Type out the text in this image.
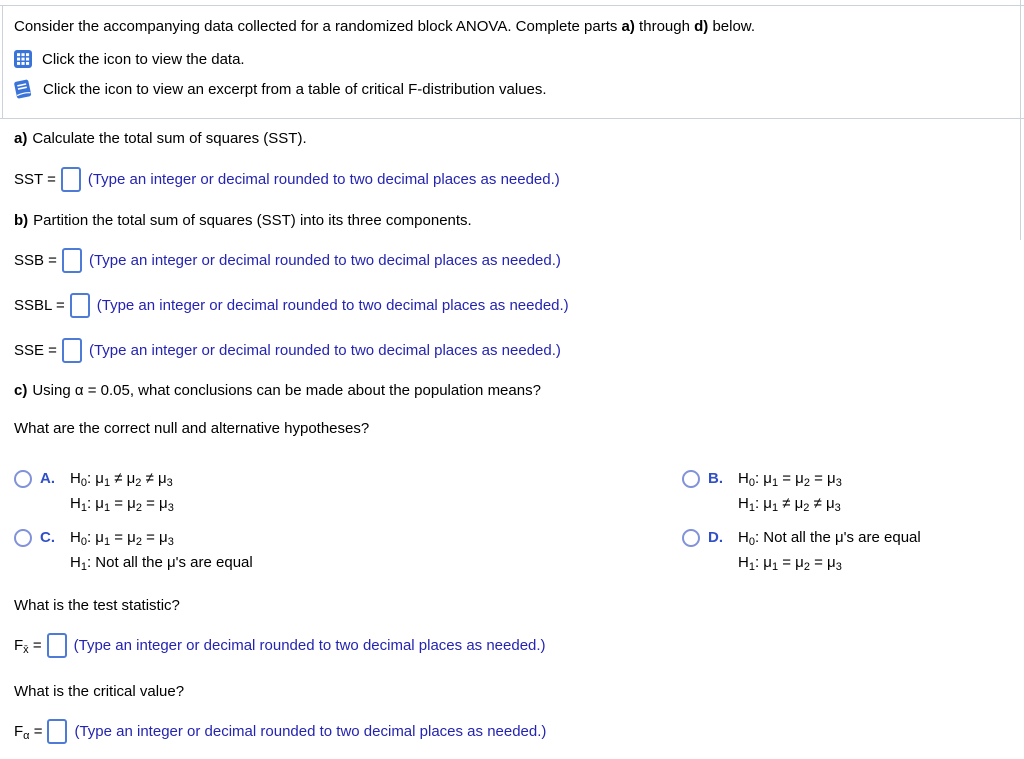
Consider the accompanying data collected for a randomized block ANOVA. Complete parts a) through d) below.
Click the icon to view the data.
Click the icon to view an excerpt from a table of critical F-distribution values.
a) Calculate the total sum of squares (SST).
SST = (Type an integer or decimal rounded to two decimal places as needed.)
b) Partition the total sum of squares (SST) into its three components.
SSB = (Type an integer or decimal rounded to two decimal places as needed.)
SSBL = (Type an integer or decimal rounded to two decimal places as needed.)
SSE = (Type an integer or decimal rounded to two decimal places as needed.)
c) Using α = 0.05, what conclusions can be made about the population means?
What are the correct null and alternative hypotheses?
A.	$H_0$: $\mu_1 \ne \mu_2 \ne \mu_3$
$H_1$: $\mu_1 = \mu_2 = \mu_3$
B.	$H_0$: $\mu_1 = \mu_2 = \mu_3$
$H_1$: $\mu_1 \ne \mu_2 \ne \mu_3$
C.	$H_0$: $\mu_1 = \mu_2 = \mu_3$
$H_1$: Not all the μ's are equal
D.	$H_0$: Not all the μ's are equal
$H_1$: $\mu_1 = \mu_2 = \mu_3$
What is the test statistic?
$F_{x̄}$ = (Type an integer or decimal rounded to two decimal places as needed.)
What is the critical value?
$F_\alpha$ = (Type an integer or decimal rounded to two decimal places as needed.)
